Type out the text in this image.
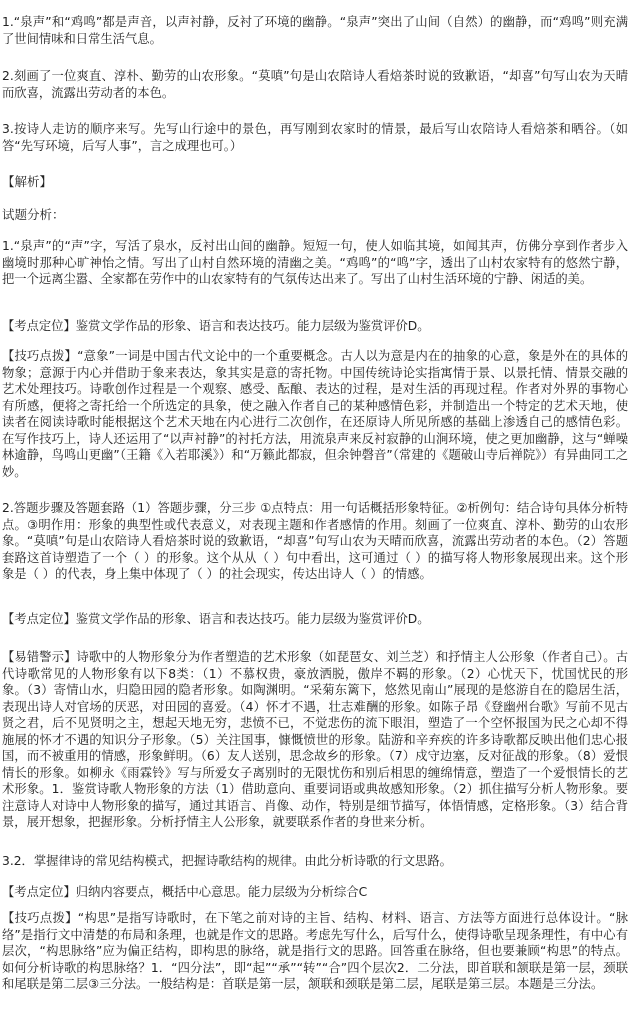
1.“泉声”和“鸡鸣”都是声音，以声衬静，反衬了环境的幽静。“泉声”突出了山间（自然）的幽静，而“鸡鸣”则充满了世间情味和日常生活气息。

2.刻画了一位爽直、淳朴、勤劳的山农形象。“莫嗔”句是山农陪诗人看焙茶时说的致歉语，“却喜”句写山农为天晴而欣喜，流露出劳动者的本色。

3.按诗人走访的顺序来写。先写山行途中的景色，再写刚到农家时的情景，最后写山农陪诗人看焙茶和晒谷。（如答“先写环境，后写人事”，言之成理也可。）

【解析】
试题分析：

1.“泉声”的“声”字，写活了泉水，反衬出山间的幽静。短短一句，使人如临其境，如闻其声，仿佛分享到作者步入幽境时那种心旷神怡之情。写出了山村自然环境的清幽之美。“鸡鸣”的“鸣”字，透出了山村农家特有的悠然宁静，把一个远离尘嚣、全家都在劳作中的山农家特有的气氛传达出来了。写出了山村生活环境的宁静、闲适的美。

【考点定位】鉴赏文学作品的形象、语言和表达技巧。能力层级为鉴赏评价D。

【技巧点拨】“意象”一词是中国古代文论中的一个重要概念。古人以为意是内在的抽象的心意，象是外在的具体的物象；意源于内心并借助于象来表达，象其实是意的寄托物。中国传统诗论实指寓情于景、以景托情、情景交融的艺术处理技巧。诗歌创作过程是一个观察、感受、酝酿、表达的过程，是对生活的再现过程。作者对外界的事物心有所感，便将之寄托给一个所选定的具象，使之融入作者自己的某种感情色彩，并制造出一个特定的艺术天地，使读者在阅读诗歌时能根据这个艺术天地在内心进行二次创作，在还原诗人所见所感的基础上渗透自己的感情色彩。在写作技巧上，诗人还运用了“以声衬静”的衬托方法，用流泉声来反衬寂静的山涧环境，使之更加幽静，这与“蝉噪林逾静，鸟鸣山更幽”（王籍《入若耶溪》）和“万籁此都寂，但余钟磬音”（常建的《题破山寺后禅院》）有异曲同工之妙。

2.答题步骤及答题套路（1）答题步骤，分三步 ①点特点：用一句话概括形象特征。②析例句：结合诗句具体分析特点。③明作用：形象的典型性或代表意义，对表现主题和作者感情的作用。刻画了一位爽直、淳朴、勤劳的山农形象。“莫嗔”句是山农陪诗人看焙茶时说的致歉语，“却喜”句写山农为天晴而欣喜，流露出劳动者的本色。（2）答题套路这首诗塑造了一个（ ）的形象。这个从从（ ）句中看出，这可通过（ ）的描写将人物形象展现出来。这个形象是（ ）的代表，身上集中体现了（ ）的社会现实，传达出诗人（ ）的情感。

【考点定位】鉴赏文学作品的形象、语言和表达技巧。能力层级为鉴赏评价D。

【易错警示】诗歌中的人物形象分为作者塑造的艺术形象（如琵琶女、刘兰芝）和抒情主人公形象（作者自己）。古代诗歌常见的人物形象有以下8类：（1）不慕权贵，豪放洒脱，傲岸不羁的形象。（2）心忧天下，忧国忧民的形象。（3）寄情山水，归隐田园的隐者形象。如陶渊明。“采菊东篱下，悠然见南山”展现的是悠游自在的隐居生活，表现出诗人对官场的厌恶，对田园的喜爱。（4）怀才不遇，壮志难酬的形象。如陈子昂《登幽州台歌》写前不见古贤之君，后不见贤明之主，想起天地无穷，悲愤不已，不觉悲伤的流下眼泪，塑造了一个空怀报国为民之心却不得施展的怀才不遇的知识分子形象。（5）关注国事，慷慨愤世的形象。陆游和辛弃疾的许多诗歌都反映出他们忠心报国，而不被重用的情感，形象鲜明。（6）友人送别，思念故乡的形象。（7）戍守边塞，反对征战的形象。（8）爱恨情长的形象。如柳永《雨霖铃》写与所爱女子离别时的无限忧伤和别后相思的缠绵情意，塑造了一个爱恨情长的艺术形象。1．鉴赏诗歌人物形象的方法（1）借助意向、重要词语或典故感知形象。（2）抓住描写分析人物形象。要注意诗人对诗中人物形象的描写，通过其语言、肖像、动作，特别是细节描写，体悟情感，定格形象。（3）结合背景，展开想象，把握形象。分析抒情主人公形象，就要联系作者的身世来分析。

3.2．掌握律诗的常见结构模式，把握诗歌结构的规律。由此分析诗歌的行文思路。

【考点定位】归纳内容要点，概括中心意思。能力层级为分析综合C

【技巧点拨】“构思”是指写诗歌时，在下笔之前对诗的主旨、结构、材料、语言、方法等方面进行总体设计。“脉络”是指行文中清楚的布局和条理，也就是作文的思路。考虑先写什么，后写什么，使得诗歌呈现条理性，有中心有层次，“构思脉络”应为偏正结构，即构思的脉络，就是指行文的思路。回答重在脉络，但也要兼顾“构思”的特点。如何分析诗歌的构思脉络？1．“四分法”，即“起”“承”“转”“合”四个层次2．二分法，即首联和颔联是第一层，颈联和尾联是第二层③三分法。一般结构是：首联是第一层，颔联和颈联是第二层，尾联是第三层。本题是三分法。
